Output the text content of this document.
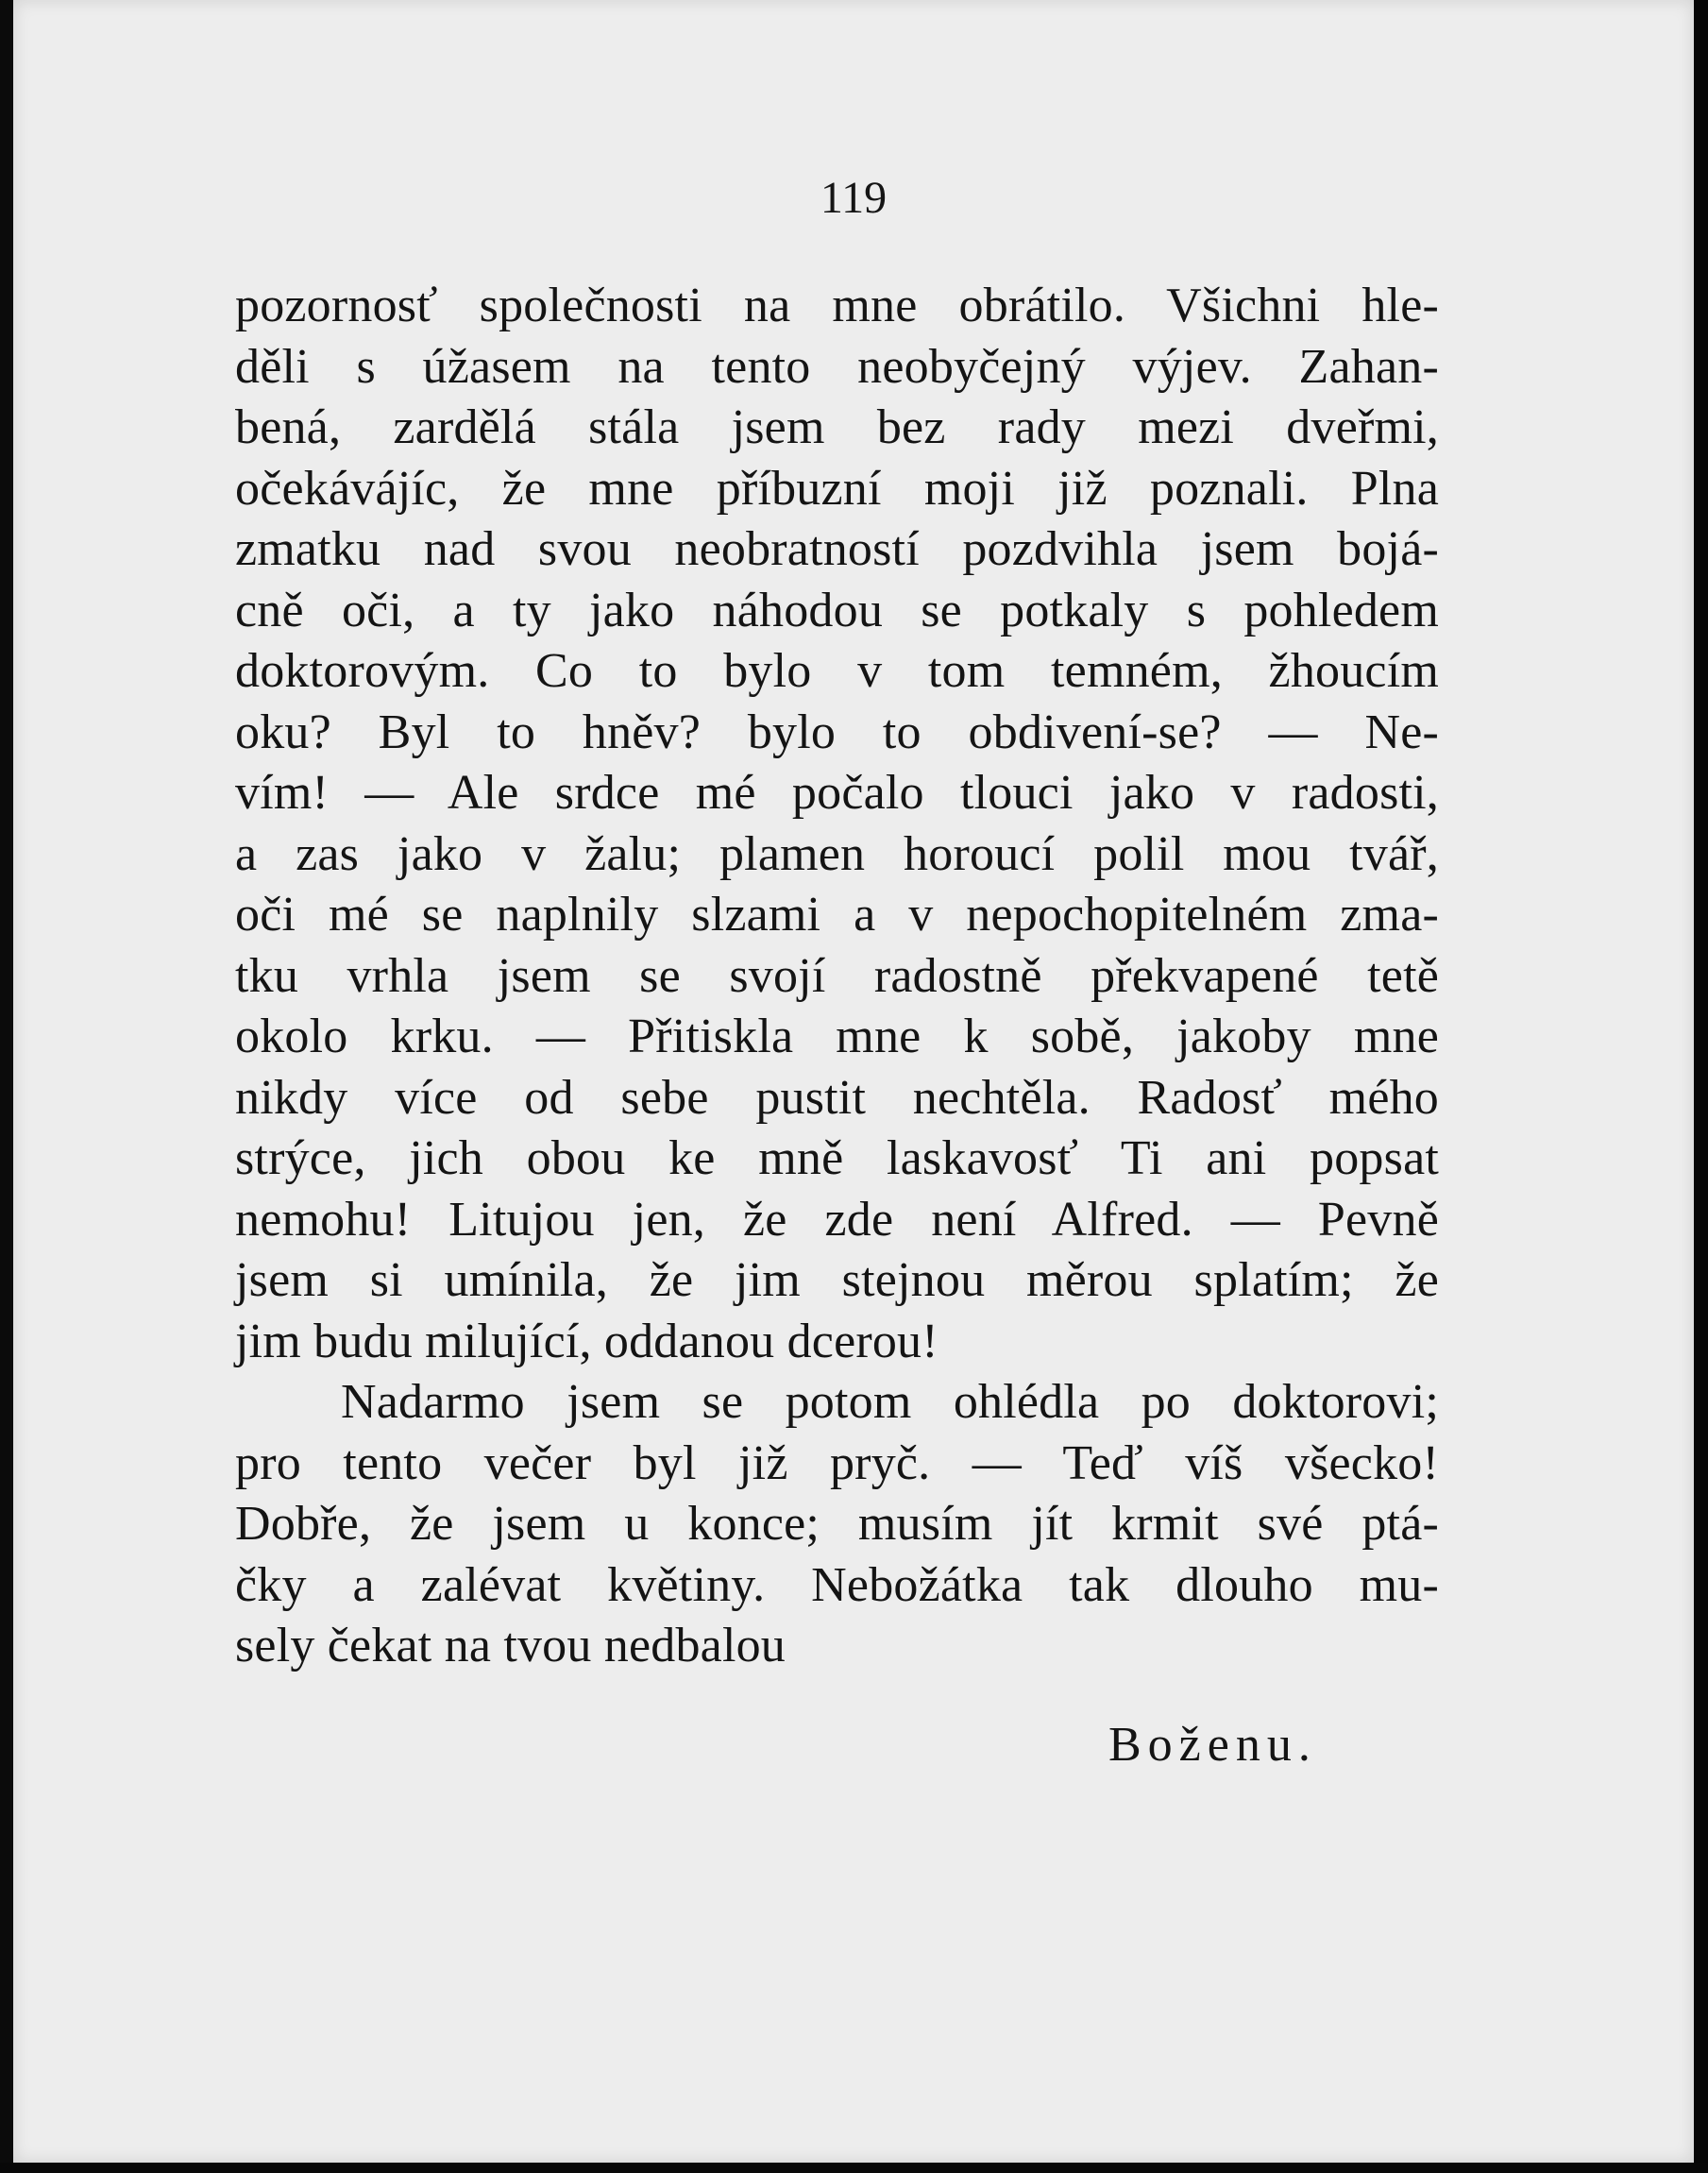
119
pozornosť společnosti na mne obrátilo. Všichni hle-
děli s úžasem na tento neobyčejný výjev. Zahan-
bená, zardělá stála jsem bez rady mezi dveřmi,
očekávájíc, že mne příbuzní moji již poznali. Plna
zmatku nad svou neobratností pozdvihla jsem bojá-
cně oči, a ty jako náhodou se potkaly s pohledem
doktorovým. Co to bylo v tom temném, žhoucím
oku? Byl to hněv? bylo to obdivení-se? — Ne-
vím! — Ale srdce mé počalo tlouci jako v radosti,
a zas jako v žalu; plamen horoucí polil mou tvář,
oči mé se naplnily slzami a v nepochopitelném zma-
tku vrhla jsem se svojí radostně překvapené tetě
okolo krku. — Přitiskla mne k sobě, jakoby mne
nikdy více od sebe pustit nechtěla. Radosť mého
strýce, jich obou ke mně laskavosť Ti ani popsat
nemohu! Litujou jen, že zde není Alfred. — Pevně
jsem si umínila, že jim stejnou měrou splatím; že
jim budu milující, oddanou dcerou!
Nadarmo jsem se potom ohlédla po doktorovi;
pro tento večer byl již pryč. — Teď víš všecko!
Dobře, že jsem u konce; musím jít krmit své ptá-
čky a zalévat květiny. Nebožátka tak dlouho mu-
sely čekat na tvou nedbalou
Boženu.
